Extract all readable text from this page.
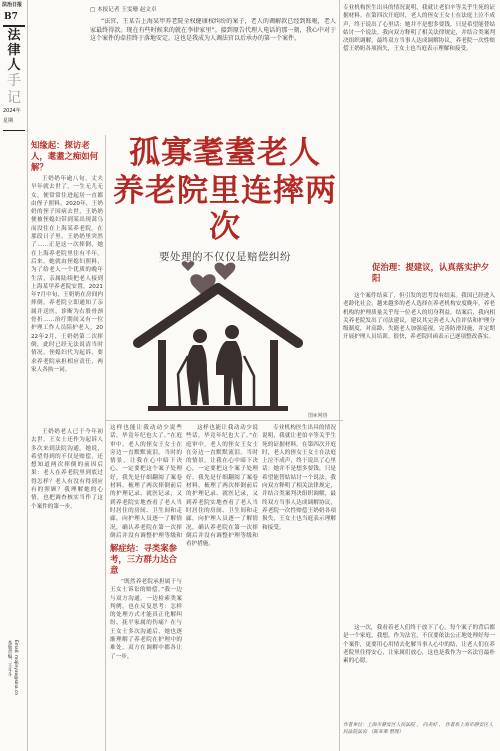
法治日报
B7
法
律
人
手
记
2024年
星期
本版责编：王斗斗 Email: mojinyao@sina.cn
□ 本报记者 王雯珊 赵文卓
“法官，王某告上海某甲养老院全权健康权纠纷的案子，老人的调解款已经到账啦，老人家最终得款。现在有些时候来的就在李律家里”。接到原告代理人电话的那一刻，我心中对于这个案件的牵挂终于落地安定。这也是我成为人调法官以后承办的第一个案件。
孤寡耄耋老人
养老院里连摔两次
要处理的不仅仅是赔偿纠纷
图⑧网络
知缘起：探访老人，耄耋之痴如何解？
王奶奶年逾八旬，丈夫早年就去世了，一生无儿无女，便常常住进起居一直都由侄子照料。2020年，王奶奶的侄子因病去世，王奶奶便被侄媳妇带到某出现蒿乌而没住在上海某养老院。在那段日子里，王奶奶里突然了……正是这一次摔倒，她在上海养老院里住有半年。后来，她就由侄媳妇照料，为了给老人一个优质的晚年生活，亲属陆续把老人接到上海某甲养老院安置。2021年7月中旬，王奶奶在房间内摔倒，养老院立即通知了亲属并送医，诊断为右股骨颈骨折……治疗期间又有一位护理工作人员陪护老人。2022年2月，王奶奶第二次摔倒，此时已经无法说清当时情况，侄媳妇代为起诉，要求养老院承担相应责任，两家人各执一词。
王奶奶老人已于今年初去世，王女士还作为起诉人多次来到法院沟通。她说，希望得到的不仅是赔偿，还想知道两次摔倒的前因后果：老人在养老院里到底过得怎样？老人有没有得到应有的照顾？我理解她的心情，也把调查核实当作了这个案件的第一步。
这样也能让我动动少说些话，毕竟年纪也大了。”在庭审中，老人的侄女王女士在旁边一直默默流泪。当时的情景，让我在心中暗下决心，一定要把这个案子处理好。我先是仔细翻阅了案卷材料，梳理了两次摔倒前后的护理记录、就医记录，又到养老院实地查看了老人当时居住的房间、卫生间和走廊，向护理人员逐一了解情况，确认养老院在第一次摔倒后并没有调整护理等级和
解症结：寻类案参考，三方群力达合意
“既然养老院承担属于与王女士诉讼的赔偿。”我一边与双方沟通，一边检索类案判例，也在反复思考：怎样的处理方式才能真正化解纠纷、抚平家属的伤痛？在与王女士多次沟通后，她也逐渐理解了养老院在护理中的难处，双方在调解中都各让了一步。
这样也能让我动动少说些话，毕竟年纪也大了。”在庭审中，老人的侄女王女士在旁边一直默默流泪。当时的情景，让我在心中暗下决心，一定要把这个案子处理好。我先是仔细翻阅了案卷材料，梳理了两次摔倒前后的护理记录、就医记录，又到养老院实地查看了老人当时居住的房间、卫生间和走廊，向护理人员逐一了解情况，确认养老院在第一次摔倒后并没有调整护理等级和看护措施。
专业机构医生出具的情况说明，我就让老伯辛等关乎生死的证据材料。在第四次开庭时，老人的侄女王女士在法庭上泣不成声，终于说出了心里话：她并不是想多要钱，只是希望能替姑姑讨一个说法。我向双方释明了相关法律规定，并结合类案判决组织调解，最终双方当事人达成调解协议，养老院一次性赔偿王奶奶各项损失，王女士也当庭表示理解和接受。
专业机构医生出具的情况说明，我就让老伯辛等关乎生死的证据材料。在第四次开庭时，老人的侄女王女士在法庭上泣不成声，终于说出了心里话：她并不是想多要钱，只是希望能替姑姑讨一个说法。我向双方释明了相关法律规定，并结合类案判决组织调解，最终双方当事人达成调解协议，养老院一次性赔偿王奶奶各项损失，王女士也当庭表示理解和接受。
促治理：提建议，认真落实护夕阳
这个案件结束了，但引发的思考没有结束。我国已经进入老龄化社会，越来越多的老人选择在养老机构安度晚年，养老机构的护理质量关乎每一位老人的切身利益。结案后，我向相关养老院发出了司法建议，建议其完善老人入住评估和护理分级制度，对高龄、失能老人加强巡视，完善防滑设施，并定期开展护理人员培训。很快，养老院回函表示已逐项整改落实。
这一次，我看着老人们终于放下了心。每个案子的背后都是一个家庭，我想，作为法官，不仅要依法公正地处理好每一个案件，更要用心用情去化解当事人心中的结，让老人们在养老院里住得安心，让家属们放心，这也是我作为一名法官最朴素的心愿。
作者单位：上海市静安区人民法院 ， 向美好 ， 作者系上海市静安区人民法院法官 （陈亚荣 整理）
